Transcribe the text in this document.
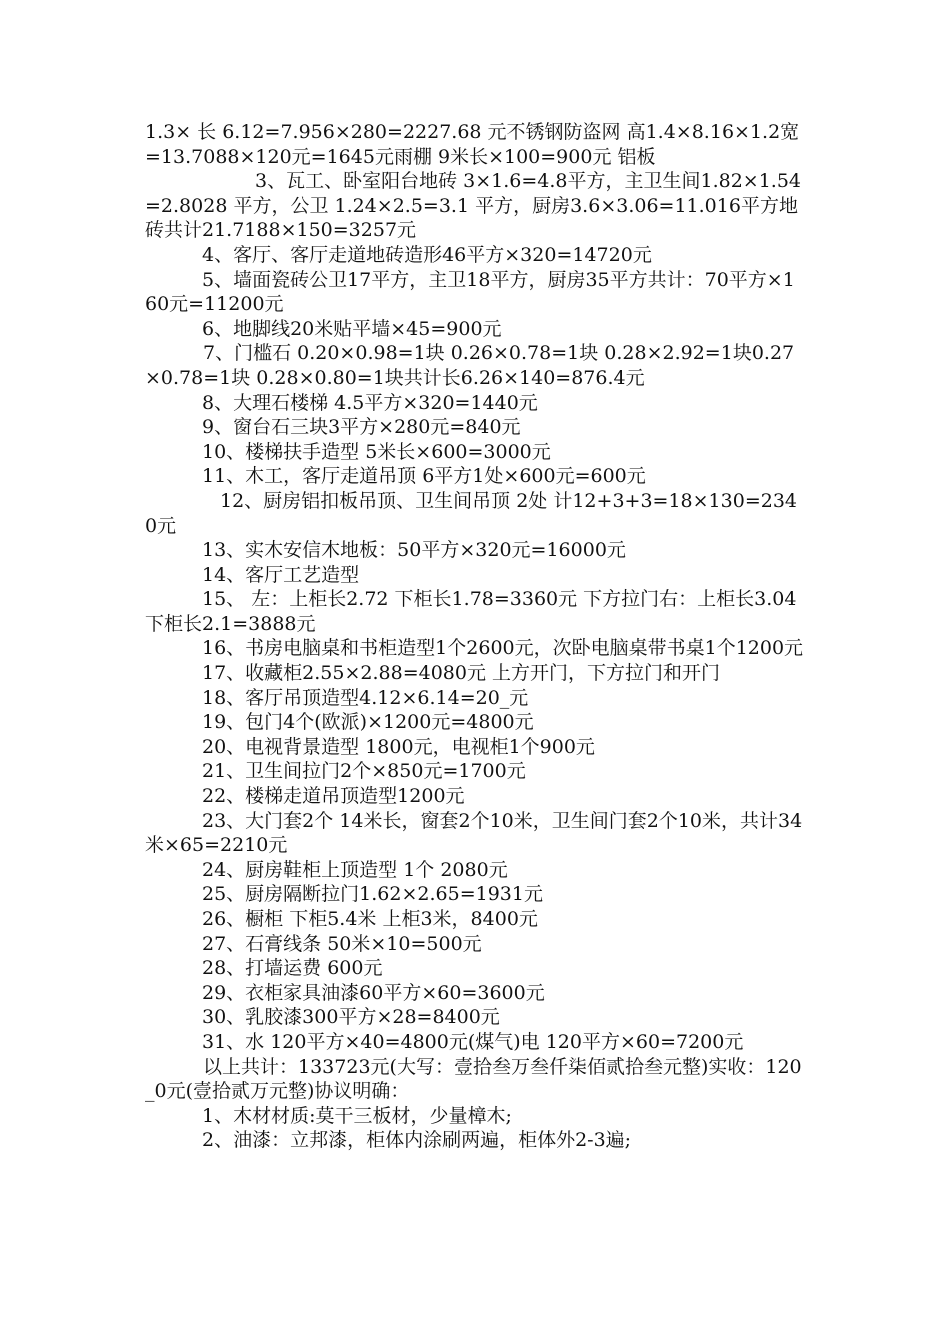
1.3× 长 6.12=7.956×280=2227.68 元不锈钢防盗网 高1.4×8.16×1.2宽=13.7088×120元=1645元雨棚 9米长×100=900元 铝板

3、瓦工、卧室阳台地砖 3×1.6=4.8平方，主卫生间1.82×1.54=2.8028 平方，公卫 1.24×2.5=3.1 平方，厨房3.6×3.06=11.016平方地砖共计21.7188×150=3257元

4、客厅、客厅走道地砖造形46平方×320=14720元

5、墙面瓷砖公卫17平方，主卫18平方，厨房35平方共计：70平方×160元=11200元

6、地脚线20米贴平墙×45=900元

7、门槛石 0.20×0.98=1块 0.26×0.78=1块 0.28×2.92=1块0.27×0.78=1块 0.28×0.80=1块共计长6.26×140=876.4元

8、大理石楼梯 4.5平方×320=1440元

9、窗台石三块3平方×280元=840元

10、楼梯扶手造型 5米长×600=3000元

11、木工，客厅走道吊顶 6平方1处×600元=600元

12、厨房铝扣板吊顶、卫生间吊顶 2处 计12+3+3=18×130=2340元

13、实木安信木地板：50平方×320元=16000元

14、客厅工艺造型

15、 左：上柜长2.72 下柜长1.78=3360元 下方拉门右：上柜长3.04 下柜长2.1=3888元

16、书房电脑桌和书柜造型1个2600元，次卧电脑桌带书桌1个1200元

17、收藏柜2.55×2.88=4080元 上方开门，下方拉门和开门

18、客厅吊顶造型4.12×6.14=20_元

19、包门4个(欧派)×1200元=4800元

20、电视背景造型 1800元，电视柜1个900元

21、卫生间拉门2个×850元=1700元

22、楼梯走道吊顶造型1200元

23、大门套2个 14米长，窗套2个10米，卫生间门套2个10米，共计34米×65=2210元

24、厨房鞋柜上顶造型 1个 2080元

25、厨房隔断拉门1.62×2.65=1931元

26、橱柜 下柜5.4米 上柜3米，8400元

27、石膏线条 50米×10=500元

28、打墙运费 600元

29、衣柜家具油漆60平方×60=3600元

30、乳胶漆300平方×28=8400元

31、水 120平方×40=4800元(煤气)电 120平方×60=7200元

以上共计：133723元(大写：壹拾叁万叁仟柒佰贰拾叁元整)实收：120_0元(壹拾贰万元整)协议明确：

1、木材材质:莫干三板材，少量樟木;

2、油漆：立邦漆，柜体内涂刷两遍，柜体外2-3遍;
